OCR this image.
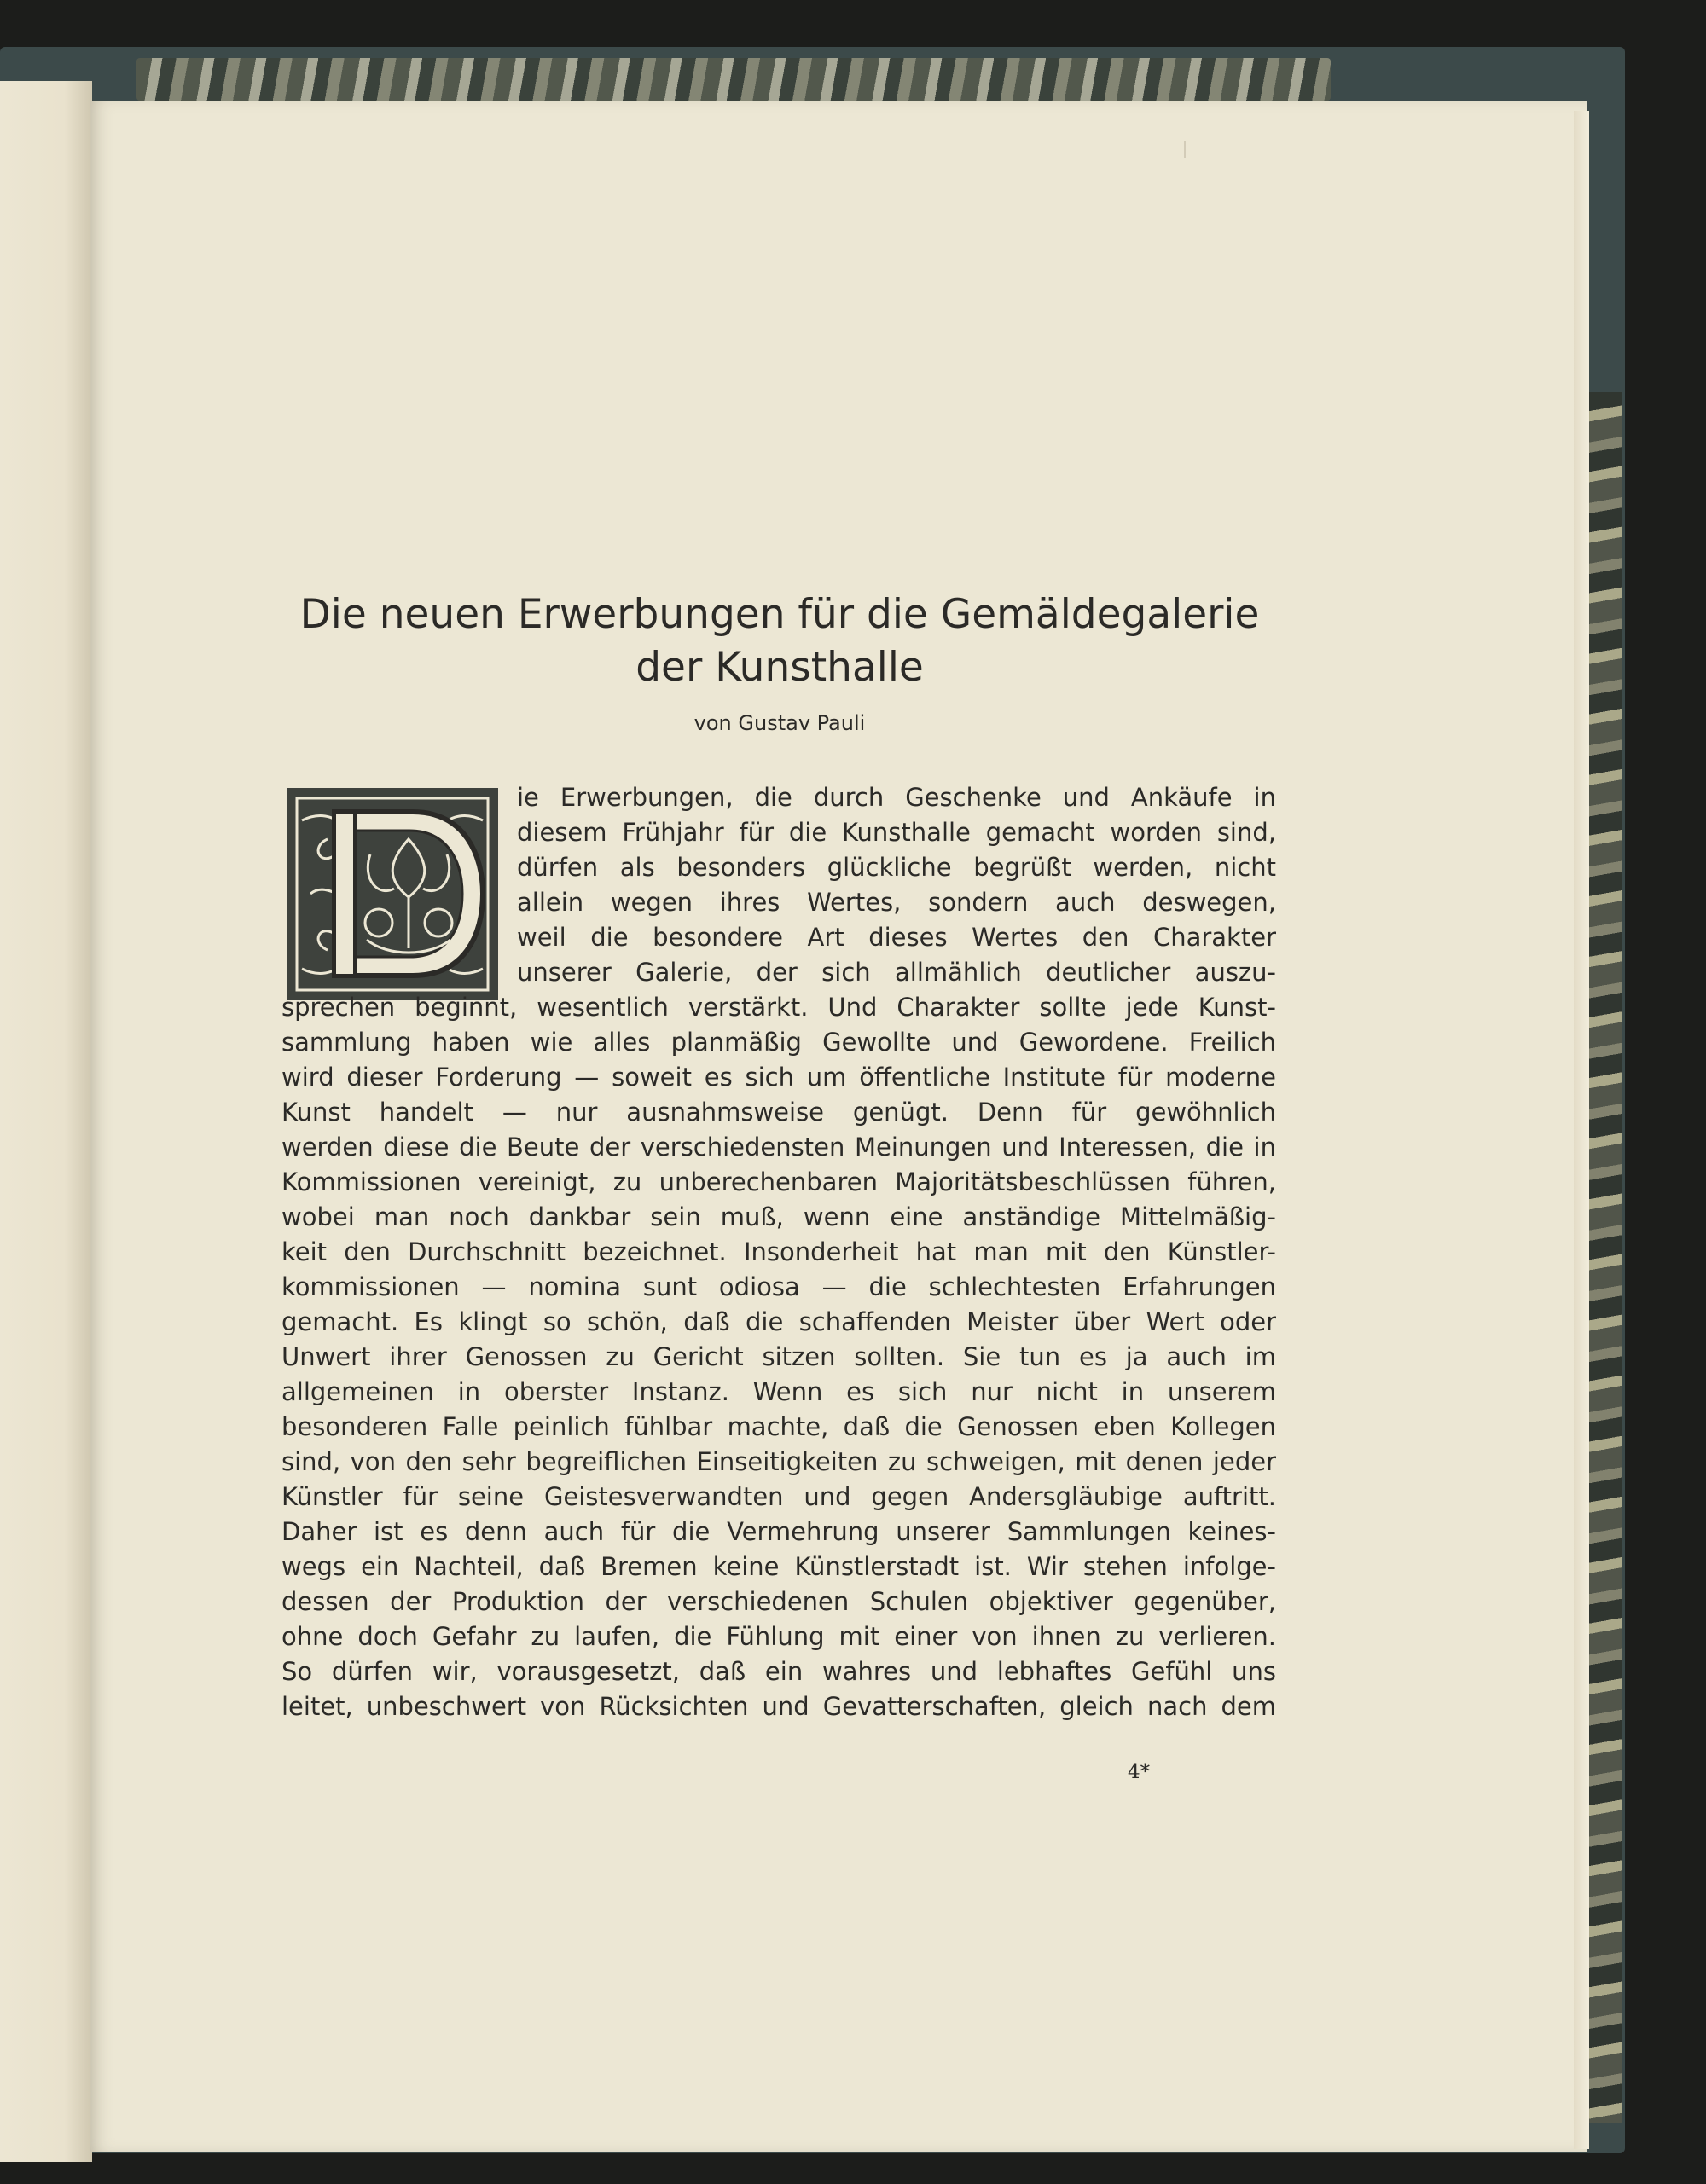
Die neuen Erwerbungen für die Gemäldegalerie
der Kunsthalle

von Gustav Pauli

ie Erwerbungen, die durch Geschenke und Ankäufe in
diesem Frühjahr für die Kunsthalle gemacht worden sind,
dürfen als besonders glückliche begrüßt werden, nicht
allein wegen ihres Wertes, sondern auch deswegen,
weil die besondere Art dieses Wertes den Charakter
unserer Galerie, der sich allmählich deutlicher auszu-
sprechen beginnt, wesentlich verstärkt. Und Charakter sollte jede Kunst-
sammlung haben wie alles planmäßig Gewollte und Gewordene. Freilich
wird dieser Forderung — soweit es sich um öffentliche Institute für moderne
Kunst handelt — nur ausnahmsweise genügt. Denn für gewöhnlich
werden diese die Beute der verschiedensten Meinungen und Interessen, die in
Kommissionen vereinigt, zu unberechenbaren Majoritätsbeschlüssen führen,
wobei man noch dankbar sein muß, wenn eine anständige Mittelmäßig-
keit den Durchschnitt bezeichnet. Insonderheit hat man mit den Künstler-
kommissionen — nomina sunt odiosa — die schlechtesten Erfahrungen
gemacht. Es klingt so schön, daß die schaffenden Meister über Wert oder
Unwert ihrer Genossen zu Gericht sitzen sollten. Sie tun es ja auch im
allgemeinen in oberster Instanz. Wenn es sich nur nicht in unserem
besonderen Falle peinlich fühlbar machte, daß die Genossen eben Kollegen
sind, von den sehr begreiflichen Einseitigkeiten zu schweigen, mit denen jeder
Künstler für seine Geistesverwandten und gegen Andersgläubige auftritt.
Daher ist es denn auch für die Vermehrung unserer Sammlungen keines-
wegs ein Nachteil, daß Bremen keine Künstlerstadt ist. Wir stehen infolge-
dessen der Produktion der verschiedenen Schulen objektiver gegenüber,
ohne doch Gefahr zu laufen, die Fühlung mit einer von ihnen zu verlieren.
So dürfen wir, vorausgesetzt, daß ein wahres und lebhaftes Gefühl uns
leitet, unbeschwert von Rücksichten und Gevatterschaften, gleich nach dem
4*
